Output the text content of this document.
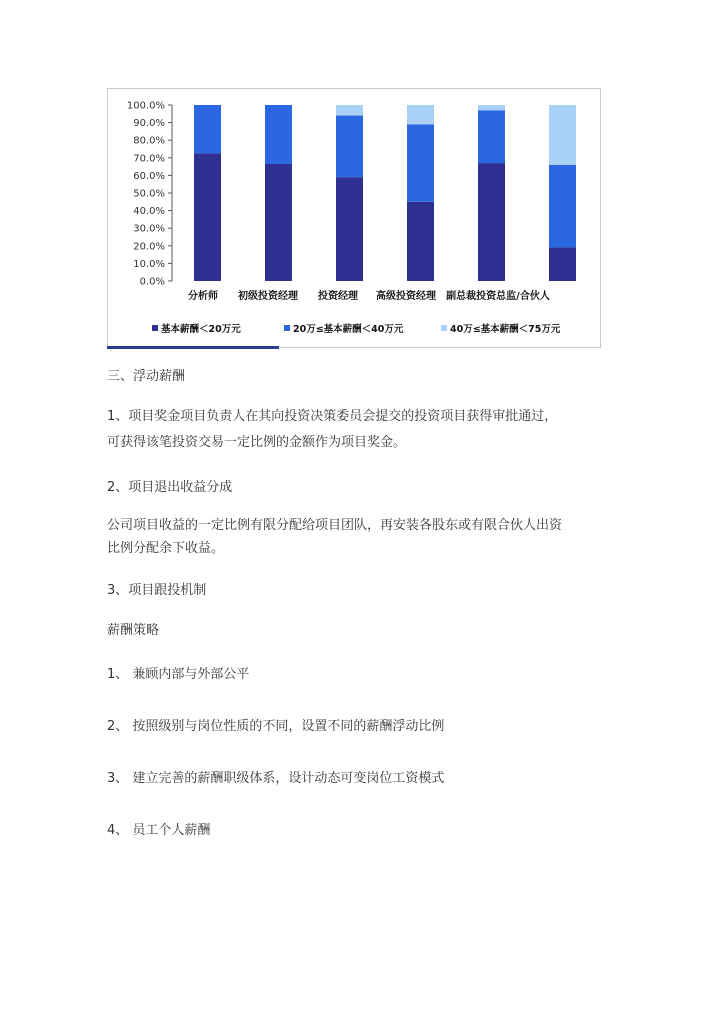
100.0%
90.0%
80.0%
70.0%
60.0%
50.0%
40.0%
30.0%
20.0%
10.0%
0.0%
分析师 初级投资经理 投资经理 高级投资经理 副总裁投资总监/合伙人
基本薪酬＜20万元	20万≤基本薪酬＜40万元	40万≤基本薪酬＜75万元

三、浮动薪酬

1、项目奖金项目负责人在其向投资决策委员会提交的投资项目获得审批通过，

可获得该笔投资交易一定比例的金额作为项目奖金。

2、项目退出收益分成

公司项目收益的一定比例有限分配给项目团队，再安装各股东或有限合伙人出资

比例分配余下收益。

3、项目跟投机制

薪酬策略

1、 兼顾内部与外部公平

2、 按照级别与岗位性质的不同，设置不同的薪酬浮动比例

3、 建立完善的薪酬职级体系，设计动态可变岗位工资模式

4、 员工个人薪酬
